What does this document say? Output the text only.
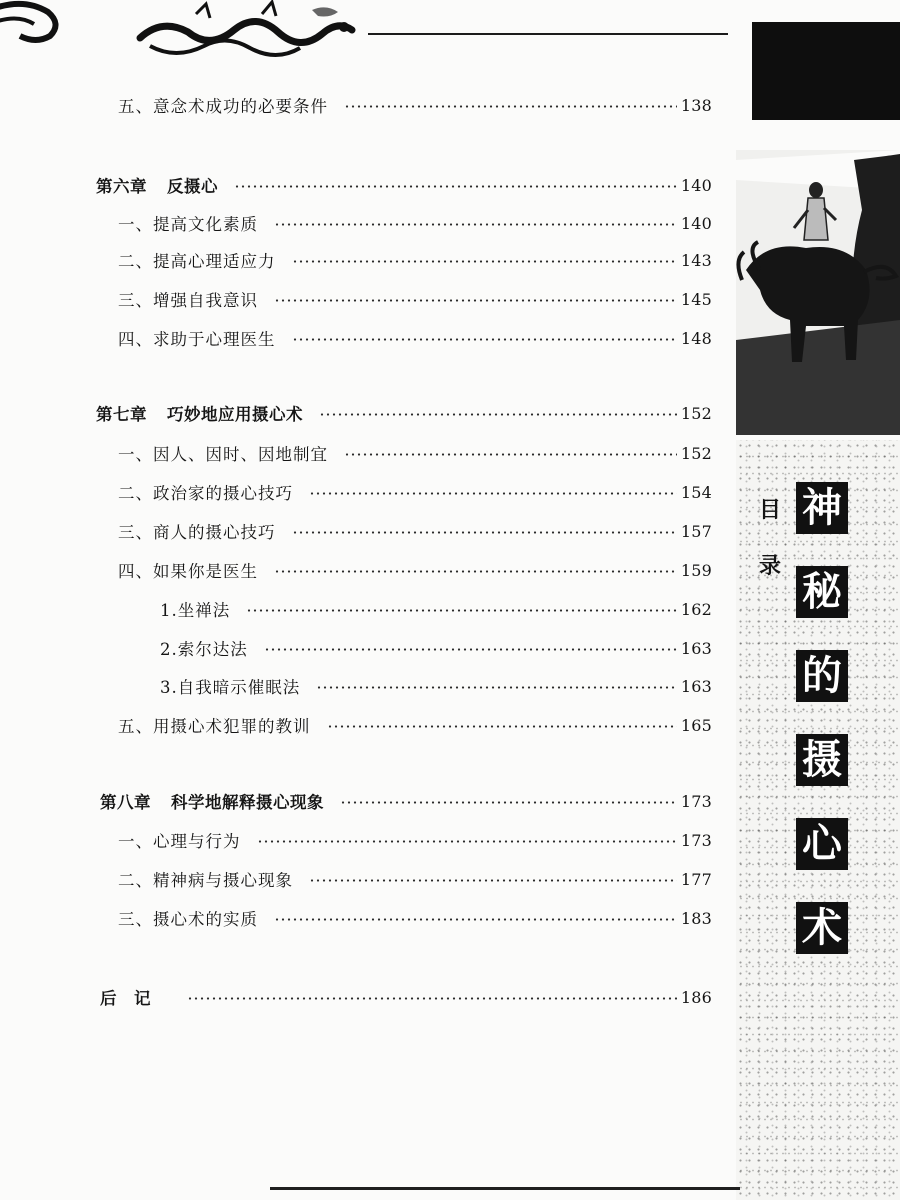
五、意念术成功的必要条件	138
第六章 反摄心	140
一、提高文化素质	140
二、提高心理适应力	143
三、增强自我意识	145
四、求助于心理医生	148
第七章 巧妙地应用摄心术	152
一、因人、因时、因地制宜	152
二、政治家的摄心技巧	154
三、商人的摄心技巧	157
四、如果你是医生	159
1.坐禅法	162
2.索尔达法	163
3.自我暗示催眠法	163
五、用摄心术犯罪的教训	165
第八章 科学地解释摄心现象	173
一、心理与行为	173
二、精神病与摄心现象	177
三、摄心术的实质	183
后　记	186
目
录
神
秘
的
摄
心
术
